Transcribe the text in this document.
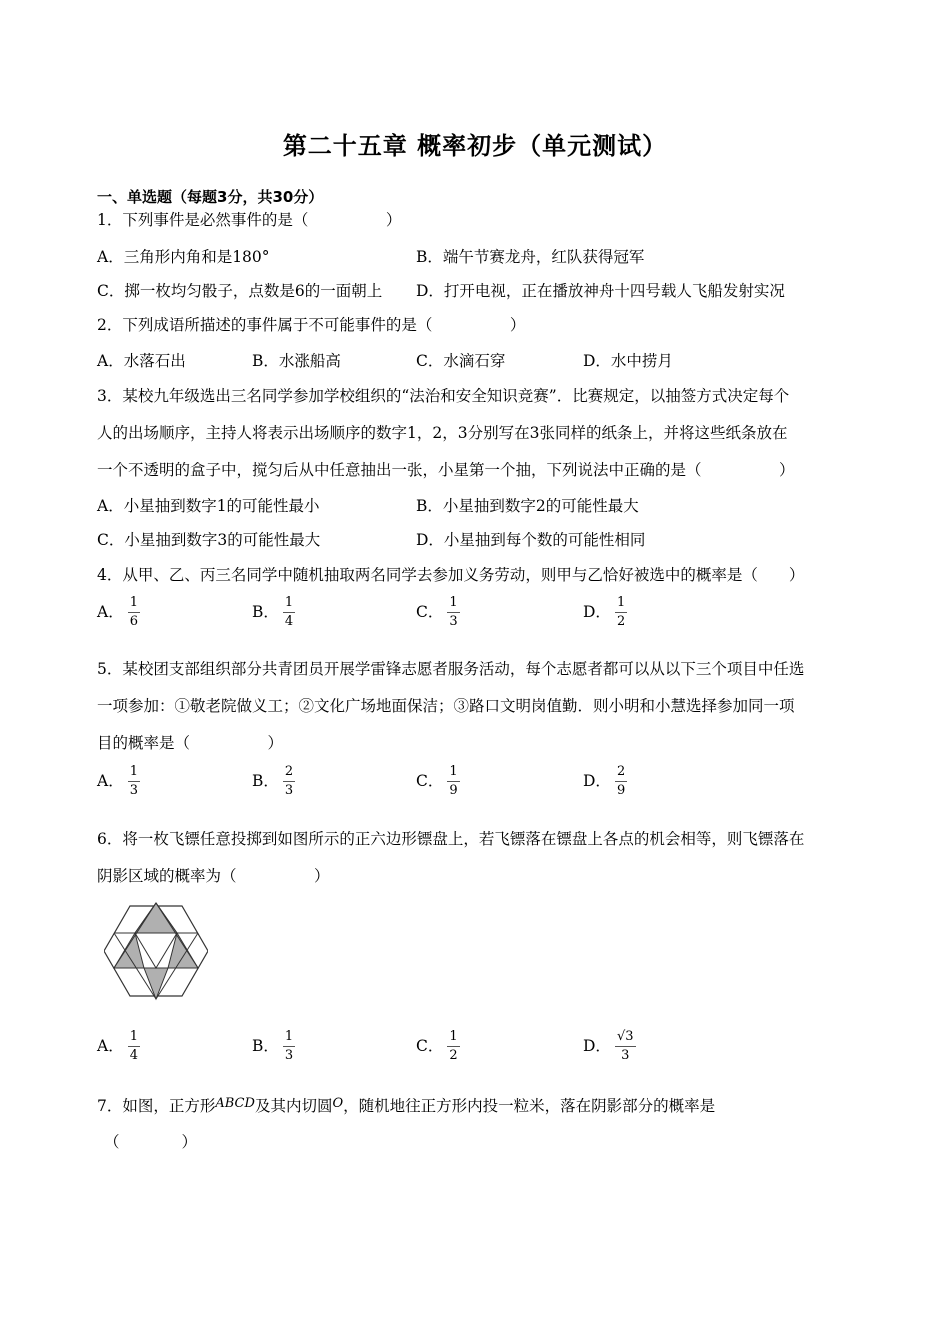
第二十五章 概率初步（单元测试）
一、单选题（每题3分，共30分）
1．下列事件是必然事件的是（　　　　　）
A．三角形内角和是180°	B．端午节赛龙舟，红队获得冠军
C．掷一枚均匀骰子，点数是6的一面朝上 D．打开电视，正在播放神舟十四号载人飞船发射实况
2．下列成语所描述的事件属于不可能事件的是（　　　　　）
A．水落石出	B．水涨船高	C．水滴石穿	D．水中捞月
3．某校九年级选出三名同学参加学校组织的“法治和安全知识竞赛”．比赛规定，以抽签方式决定每个
人的出场顺序，主持人将表示出场顺序的数字1，2，3分别写在3张同样的纸条上，并将这些纸条放在
一个不透明的盒子中，搅匀后从中任意抽出一张，小星第一个抽，下列说法中正确的是（　　　　　）
A．小星抽到数字1的可能性最小	B．小星抽到数字2的可能性最大
C．小星抽到数字3的可能性最大	D．小星抽到每个数的可能性相同
4．从甲、乙、丙三名同学中随机抽取两名同学去参加义务劳动，则甲与乙恰好被选中的概率是（　　）
A． $\frac{1}{6}$	B． $\frac{1}{4}$	C． $\frac{1}{3}$	D． $\frac{1}{2}$
5．某校团支部组织部分共青团员开展学雷锋志愿者服务活动，每个志愿者都可以从以下三个项目中任选
一项参加：①敬老院做义工；②文化广场地面保洁；③路口文明岗值勤．则小明和小慧选择参加同一项
目的概率是（　　　　　）
A． $\frac{1}{3}$	B． $\frac{2}{3}$	C． $\frac{1}{9}$	D． $\frac{2}{9}$
6．将一枚飞镖任意投掷到如图所示的正六边形镖盘上，若飞镖落在镖盘上各点的机会相等，则飞镖落在
阴影区域的概率为（　　　　　）
A． $\frac{1}{4}$	B． $\frac{1}{3}$	C． $\frac{1}{2}$	D． $\frac{√3}{3}$
7．如图，正方形$^{ABCD}$及其内切圆$^O$，随机地往正方形内投一粒米，落在阴影部分的概率是
（　　　　）
